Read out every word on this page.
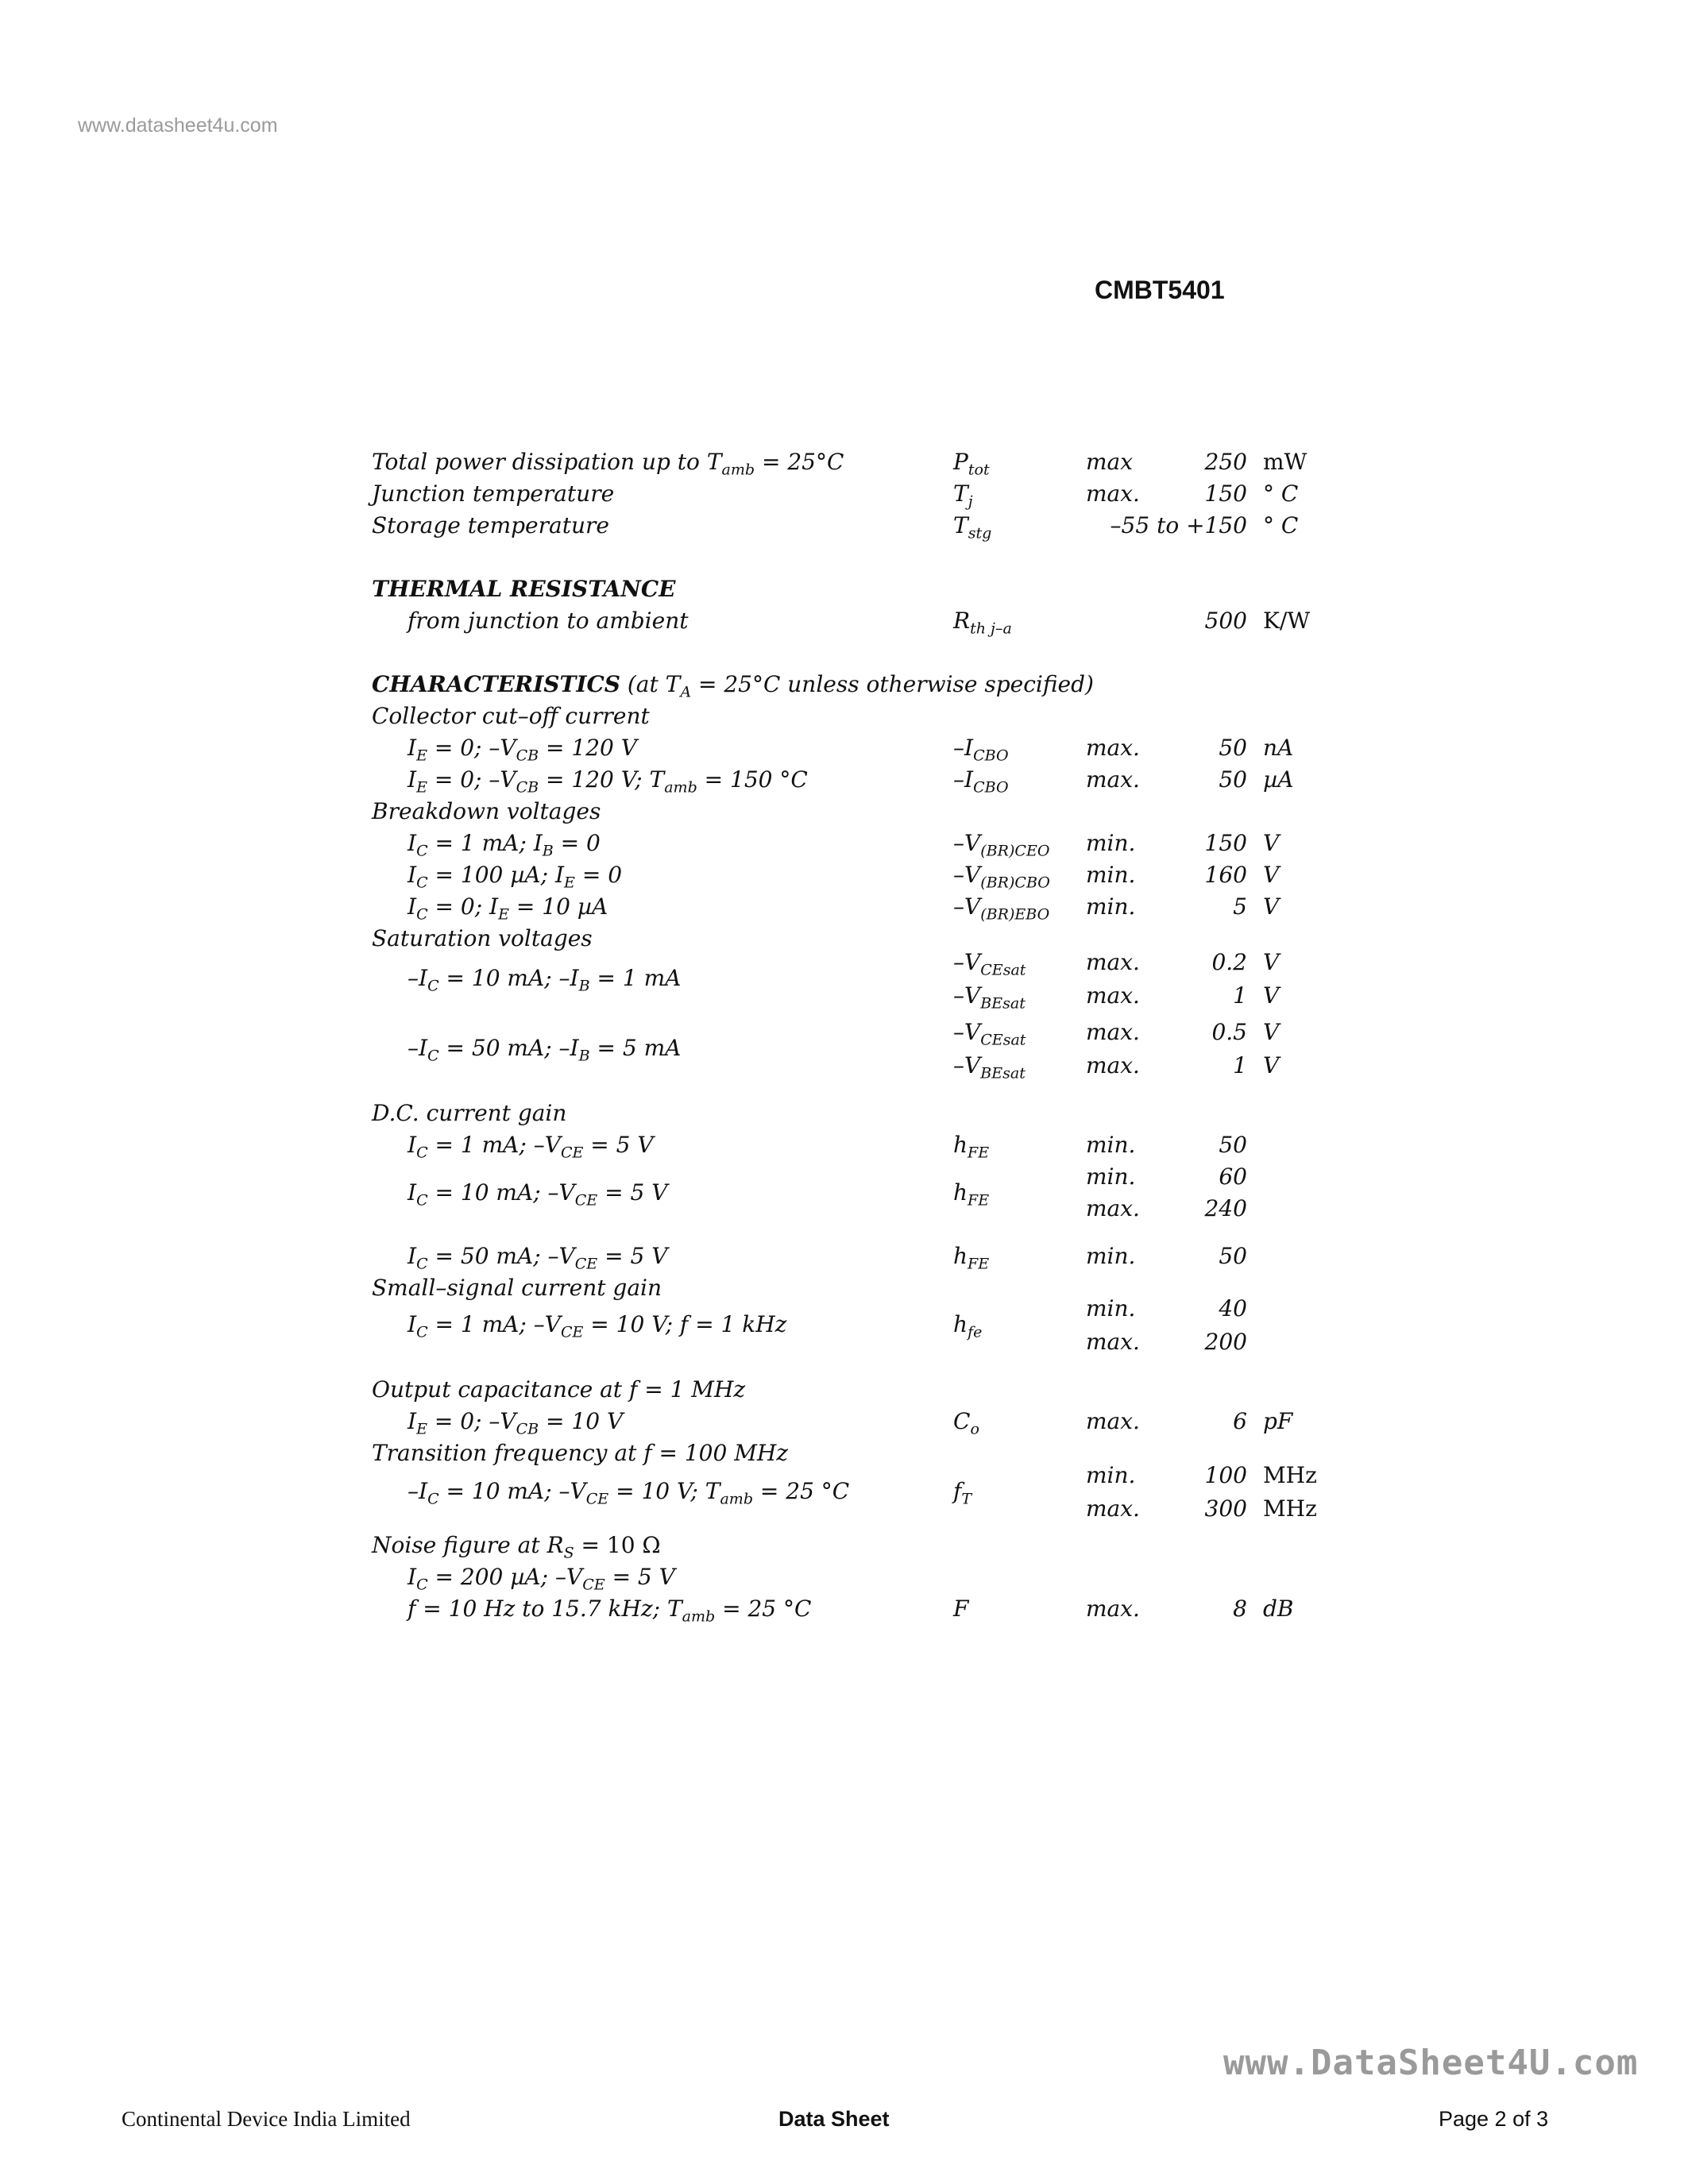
www.datasheet4u.com
CMBT5401
Total power dissipation up to $T_{amb} = 25^\circ C$	$P_{tot}$	max	250 mW
Junction temperature	$T_j$	max.	150 ° C
Storage temperature	$T_{stg}$	–55 to +150 ° C
THERMAL RESISTANCE
from junction to ambient	$R_{th j-a}$	500 K/W
CHARACTERISTICS (at $T_A = 25^\circ C$ unless otherwise specified)
Collector cut–off current
$I_E = 0$; $-V_{CB} = 120$ V	$-I_{CBO}$	max.	50 nA
$I_E = 0$; $-V_{CB} = 120$ V; $T_{amb} = 150$ °C	$-I_{CBO}$	max.	50 µA
Breakdown voltages
$I_C = 1$ mA; $I_B = 0$	$-V_{(BR)CEO}$ min.	150 V
$I_C = 100$ µA; $I_E = 0$	$-V_{(BR)CBO}$ min.	160 V
$I_C = 0$; $I_E = 10$ µA	$-V_{(BR)EBO}$ min.	5 V
Saturation voltages
$-I_C = 10$ mA; $-I_B = 1$ mA
$-V_{CEsat}$	max.	0.2 V
$-V_{BEsat}$	max.	1 V
$-I_C = 50$ mA; $-I_B = 5$ mA
$-V_{CEsat}$	max.	0.5 V
$-V_{BEsat}$	max.	1 V
D.C. current gain
$I_C = 1$ mA; $-V_{CE} = 5$ V	$h_{FE}$	min.	50
$I_C = 10$ mA; $-V_{CE} = 5$ V	$h_{FE}$
min.	60
max.	240
$I_C = 50$ mA; $-V_{CE} = 5$ V	$h_{FE}$	min.	50
Small–signal current gain
$I_C = 1$ mA; $-V_{CE} = 10$ V; f = 1 kHz	$h_{fe}$
min.	40
max.	200
Output capacitance at f = 1 MHz
$I_E = 0$; $-V_{CB} = 10$ V	$C_o$	max.	6 pF
Transition frequency at f = 100 MHz
$-I_C = 10$ mA; $-V_{CE} = 10$ V; $T_{amb} = 25$ °C	$f_T$
min.	100 MHz
max.	300 MHz
Noise figure at $R_S = 10$ Ω
$I_C = 200$ µA; $-V_{CE} = 5$ V
f = 10 Hz to 15.7 kHz; $T_{amb} = 25$ °C	F	max.	8 dB
www.DataSheet4U.com
Continental Device India Limited	Data Sheet	Page 2 of 3
